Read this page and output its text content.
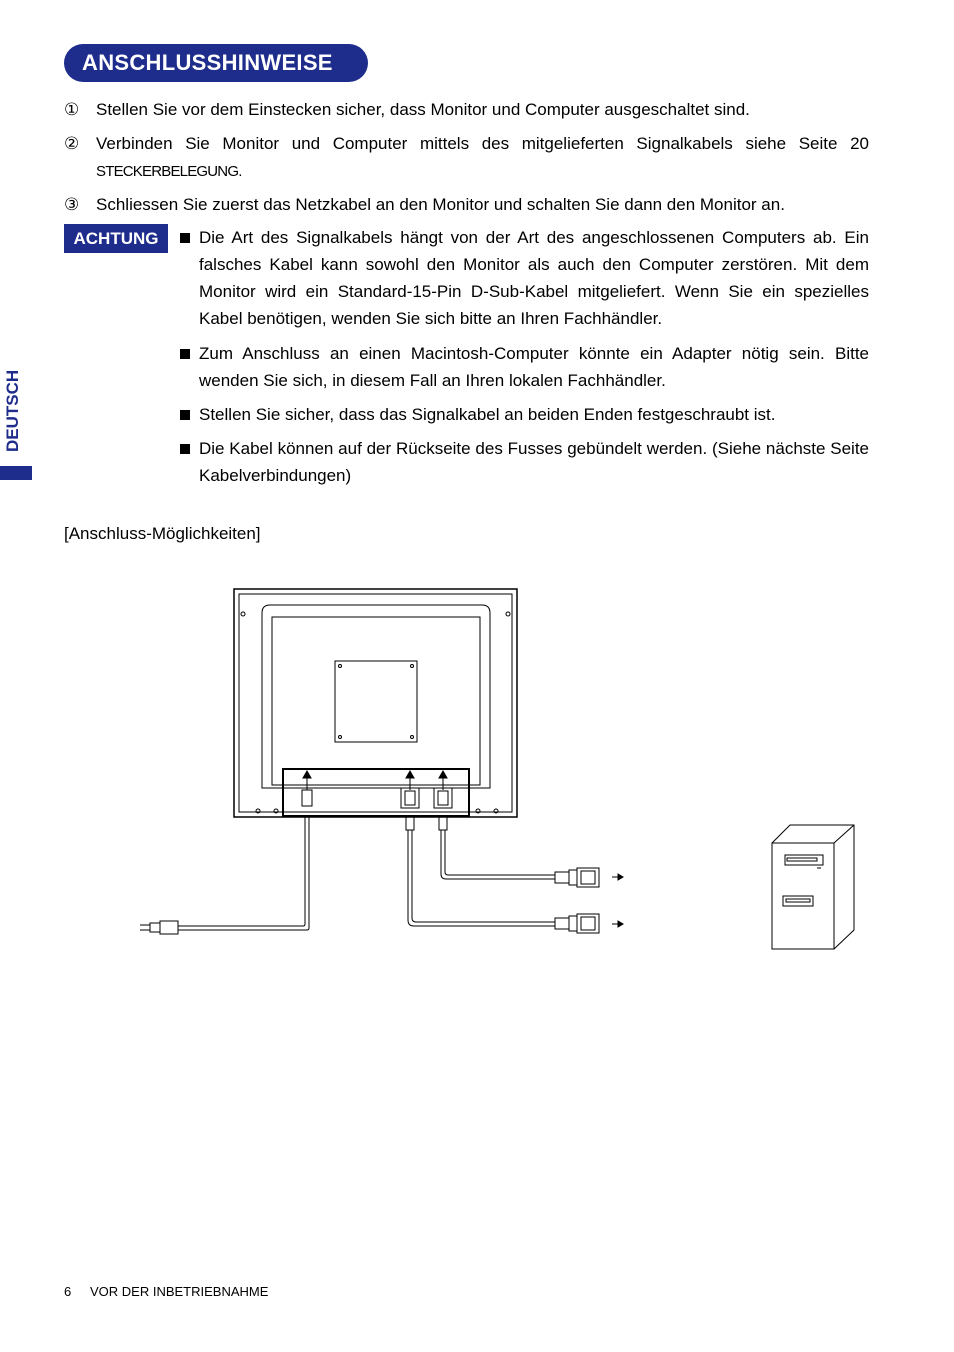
ANSCHLUSSHINWEISE
DEUTSCH
① Stellen Sie vor dem Einstecken sicher, dass Monitor und Computer ausgeschaltet sind.
② Verbinden Sie Monitor und Computer mittels des mitgelieferten Signalkabels siehe Seite 20
STECKERBELEGUNG.
③ Schliessen Sie zuerst das Netzkabel an den Monitor und schalten Sie dann den Monitor an.
ACHTUNG	Die Art des Signalkabels hängt von der Art des angeschlossenen Computers ab. Ein falsches Kabel kann sowohl den Monitor als auch den Computer zerstören. Mit dem Monitor wird ein Standard-15-Pin D-Sub-Kabel mitgeliefert. Wenn Sie ein spezielles Kabel benötigen, wenden Sie sich bitte an Ihren Fachhändler.
Zum Anschluss an einen Macintosh-Computer könnte ein Adapter nötig sein. Bitte wenden Sie sich, in diesem Fall an Ihren lokalen Fachhändler.
Stellen Sie sicher, dass das Signalkabel an beiden Enden festgeschraubt ist.
Die Kabel können auf der Rückseite des Fusses gebündelt werden. (Siehe nächste Seite Kabelverbindungen)
[Anschluss-Möglichkeiten]
6 VOR DER INBETRIEBNAHME
